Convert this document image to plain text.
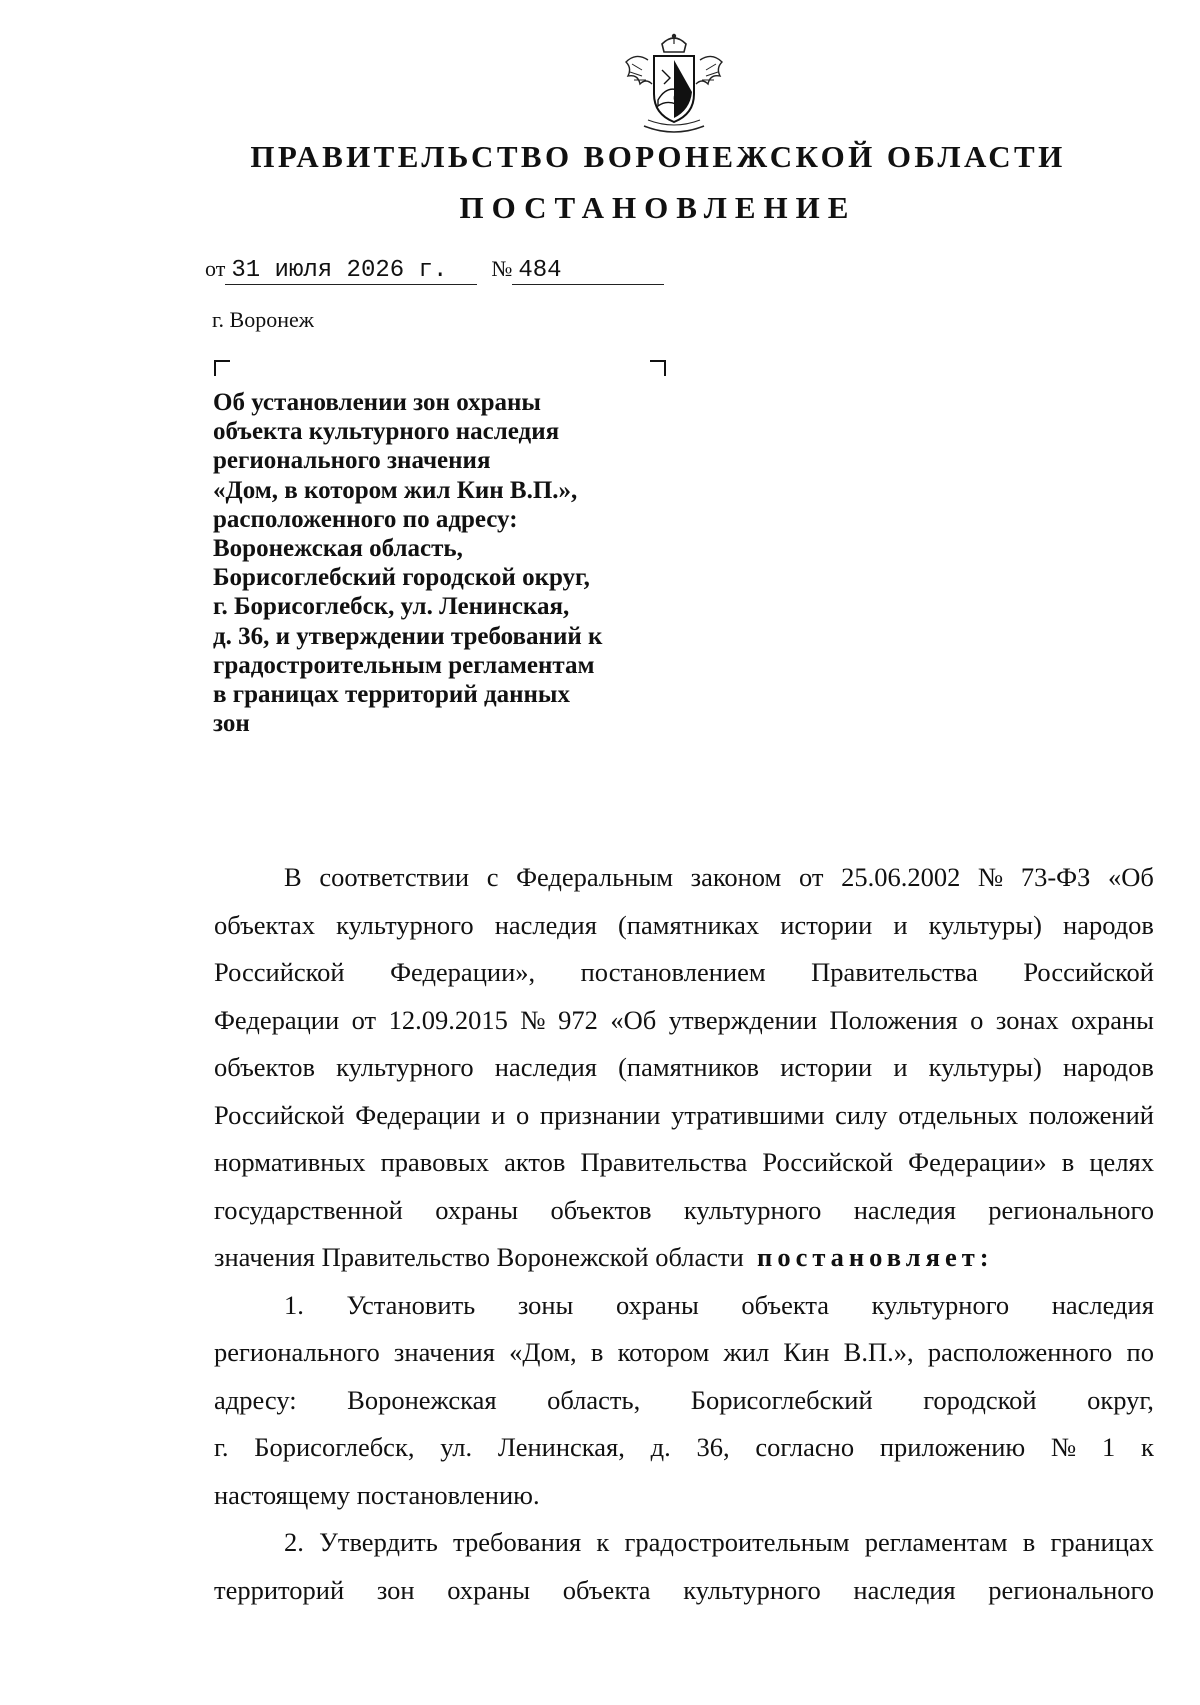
ПРАВИТЕЛЬСТВО ВОРОНЕЖСКОЙ ОБЛАСТИ
ПОСТАНОВЛЕНИЕ
от 31 июля 2026 г.	№ 484
г. Воронеж
Об установлении зон охраны
объекта культурного наследия
регионального значения
«Дом, в котором жил Кин В.П.»,
расположенного по адресу:
Воронежская область,
Борисоглебский городской округ,
г. Борисоглебск, ул. Ленинская,
д. 36, и утверждении требований к
градостроительным регламентам
в границах территорий данных
зон
В соответствии с Федеральным законом от 25.06.2002 № 73-ФЗ «Об
объектах культурного наследия (памятниках истории и культуры) народов
Российской Федерации», постановлением Правительства Российской
Федерации от 12.09.2015 № 972 «Об утверждении Положения о зонах охраны
объектов культурного наследия (памятников истории и культуры) народов
Российской Федерации и о признании утратившими силу отдельных положений
нормативных правовых актов Правительства Российской Федерации» в целях
государственной охраны объектов культурного наследия регионального
значения Правительство Воронежской области
постановляет:
1. Установить зоны охраны объекта культурного наследия
регионального значения «Дом, в котором жил Кин В.П.», расположенного по
адресу: Воронежская область, Борисоглебский городской округ,
г. Борисоглебск, ул. Ленинская, д. 36, согласно приложению № 1 к
настоящему постановлению.
2. Утвердить требования к градостроительным регламентам в границах
территорий зон охраны объекта культурного наследия регионального
